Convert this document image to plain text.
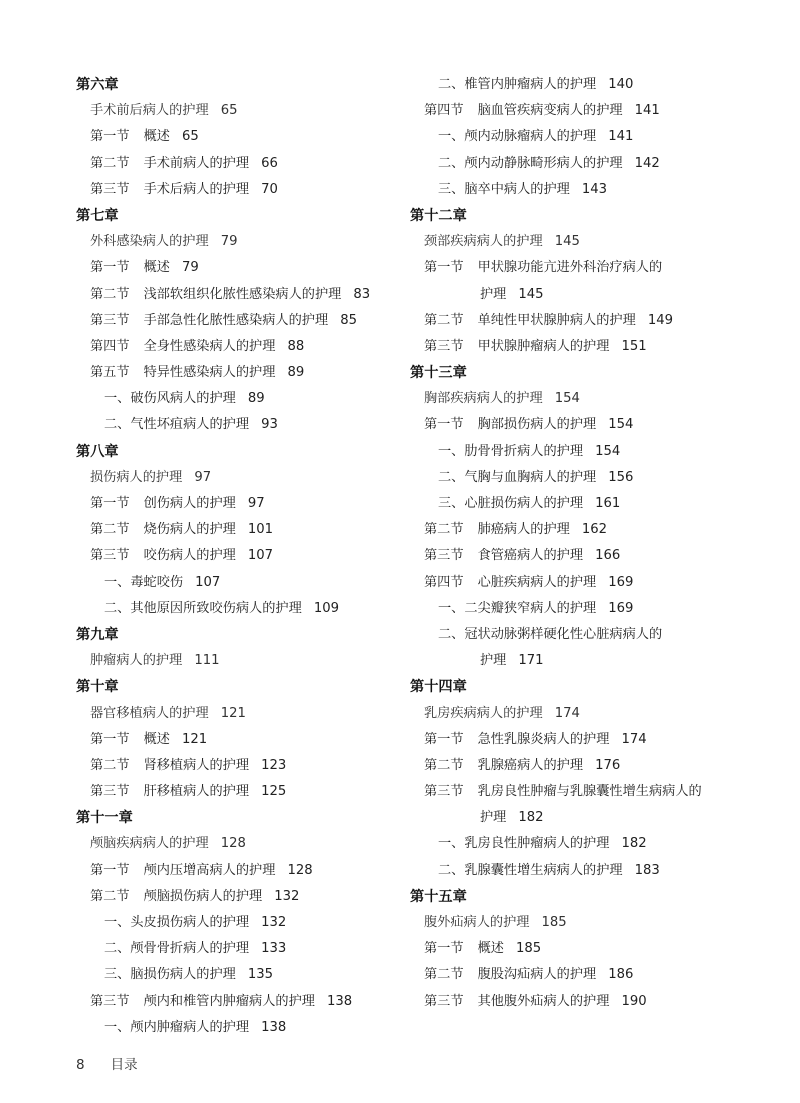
第六章
手术前后病人的护理 65
第一节 概述 65
第二节 手术前病人的护理 66
第三节 手术后病人的护理 70
第七章
外科感染病人的护理 79
第一节 概述 79
第二节 浅部软组织化脓性感染病人的护理 83
第三节 手部急性化脓性感染病人的护理 85
第四节 全身性感染病人的护理 88
第五节 特异性感染病人的护理 89
一、破伤风病人的护理 89
二、气性坏疽病人的护理 93
第八章
损伤病人的护理 97
第一节 创伤病人的护理 97
第二节 烧伤病人的护理 101
第三节 咬伤病人的护理 107
一、毒蛇咬伤 107
二、其他原因所致咬伤病人的护理 109
第九章
肿瘤病人的护理 111
第十章
器官移植病人的护理 121
第一节 概述 121
第二节 肾移植病人的护理 123
第三节 肝移植病人的护理 125
第十一章
颅脑疾病病人的护理 128
第一节 颅内压增高病人的护理 128
第二节 颅脑损伤病人的护理 132
一、头皮损伤病人的护理 132
二、颅骨骨折病人的护理 133
三、脑损伤病人的护理 135
第三节 颅内和椎管内肿瘤病人的护理 138
一、颅内肿瘤病人的护理 138
二、椎管内肿瘤病人的护理 140
第四节 脑血管疾病变病人的护理 141
一、颅内动脉瘤病人的护理 141
二、颅内动静脉畸形病人的护理 142
三、脑卒中病人的护理 143
第十二章
颈部疾病病人的护理 145
第一节 甲状腺功能亢进外科治疗病人的
护理 145
第二节 单纯性甲状腺肿病人的护理 149
第三节 甲状腺肿瘤病人的护理 151
第十三章
胸部疾病病人的护理 154
第一节 胸部损伤病人的护理 154
一、肋骨骨折病人的护理 154
二、气胸与血胸病人的护理 156
三、心脏损伤病人的护理 161
第二节 肺癌病人的护理 162
第三节 食管癌病人的护理 166
第四节 心脏疾病病人的护理 169
一、二尖瓣狭窄病人的护理 169
二、冠状动脉粥样硬化性心脏病病人的
护理 171
第十四章
乳房疾病病人的护理 174
第一节 急性乳腺炎病人的护理 174
第二节 乳腺癌病人的护理 176
第三节 乳房良性肿瘤与乳腺囊性增生病病人的
护理 182
一、乳房良性肿瘤病人的护理 182
二、乳腺囊性增生病病人的护理 183
第十五章
腹外疝病人的护理 185
第一节 概述 185
第二节 腹股沟疝病人的护理 186
第三节 其他腹外疝病人的护理 190
8 目录
